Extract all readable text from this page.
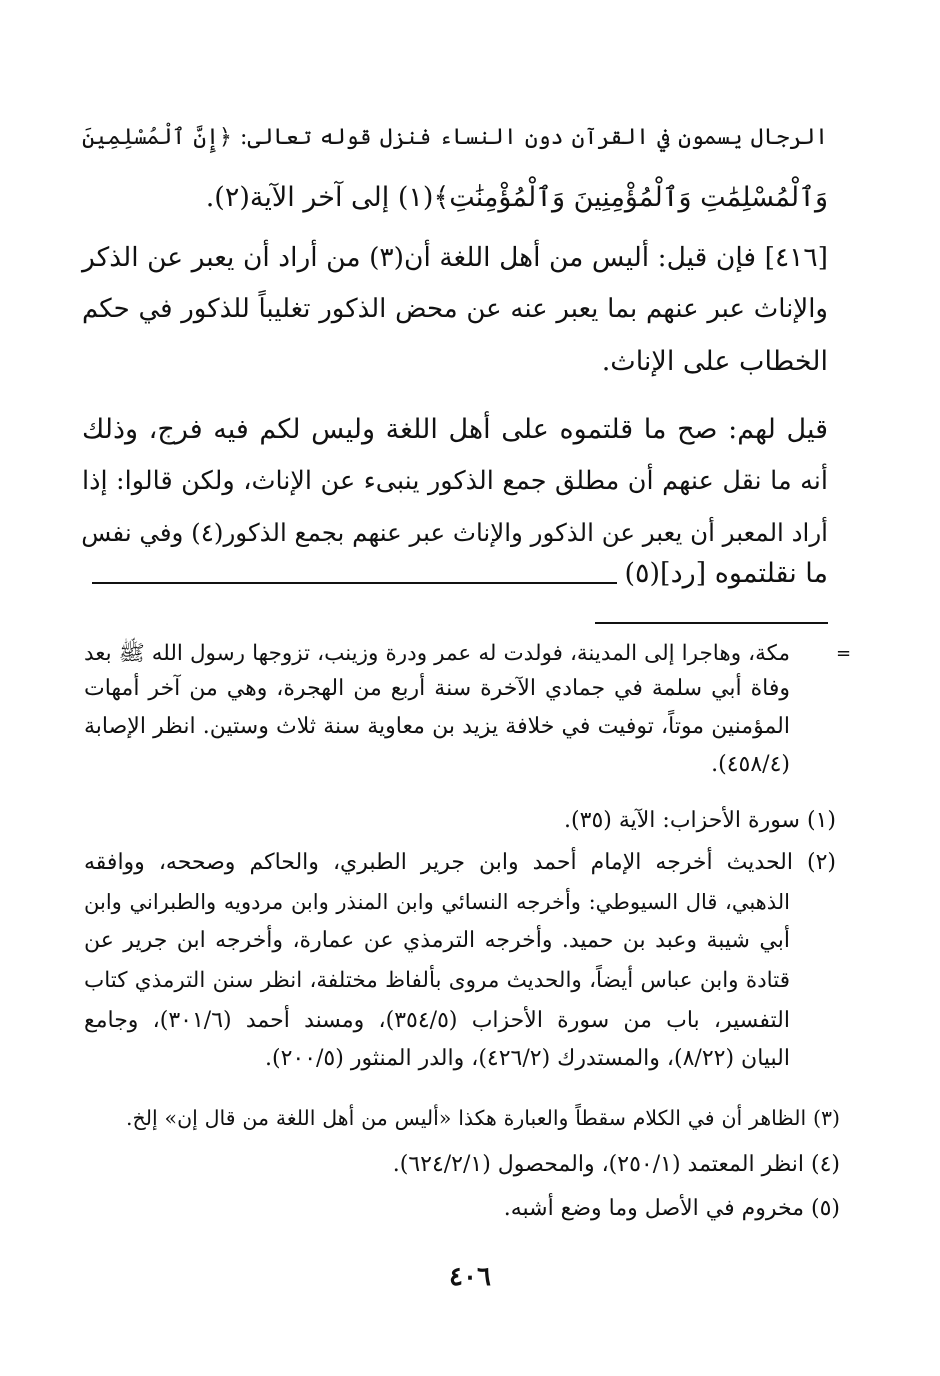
الرجال يسمون في القرآن دون النساء فنزل قوله تعالى: ﴿إِنَّ ٱلْمُسْلِمِينَ
وَٱلْمُسْلِمَٰتِ وَٱلْمُؤْمِنِينَ وَٱلْمُؤْمِنَٰتِ﴾(١) إلى آخر الآية(٢).
[٤١٦] فإن قيل: أليس من أهل اللغة أن(٣) من أراد أن يعبر عن الذكر
والإناث عبر عنهم بما يعبر عنه عن محض الذكور تغليباً للذكور في حكم
الخطاب على الإناث.
قيل لهم: صح ما قلتموه على أهل اللغة وليس لكم فيه فرج، وذلك
أنه ما نقل عنهم أن مطلق جمع الذكور ينبىء عن الإناث، ولكن قالوا: إذا
أراد المعبر أن يعبر عن الذكور والإناث عبر عنهم بجمع الذكور(٤) وفي نفس
ما نقلتموه [رد](٥)
=
مكة، وهاجرا إلى المدينة، فولدت له عمر ودرة وزينب، تزوجها رسول الله ﷺ بعد
وفاة أبي سلمة في جمادي الآخرة سنة أربع من الهجرة، وهي من آخر أمهات
المؤمنين موتاً، توفيت في خلافة يزيد بن معاوية سنة ثلاث وستين. انظر الإصابة
(٤٥٨/٤).
(١) سورة الأحزاب: الآية (٣٥).
(٢) الحديث أخرجه الإمام أحمد وابن جرير الطبري، والحاكم وصححه، ووافقه
الذهبي، قال السيوطي: وأخرجه النسائي وابن المنذر وابن مردويه والطبراني وابن
أبي شيبة وعبد بن حميد. وأخرجه الترمذي عن عمارة، وأخرجه ابن جرير عن
قتادة وابن عباس أيضاً، والحديث مروى بألفاظ مختلفة، انظر سنن الترمذي كتاب
التفسير، باب من سورة الأحزاب (٣٥٤/٥)، ومسند أحمد (٣٠١/٦)، وجامع
البيان (٨/٢٢)، والمستدرك (٤٢٦/٢)، والدر المنثور (٢٠٠/٥).
(٣) الظاهر أن في الكلام سقطاً والعبارة هكذا «أليس من أهل اللغة من قال إن» إلخ.
(٤) انظر المعتمد (٢٥٠/١)، والمحصول (٦٢٤/٢/١).
(٥) مخروم في الأصل وما وضع أشبه.
٤٠٦
